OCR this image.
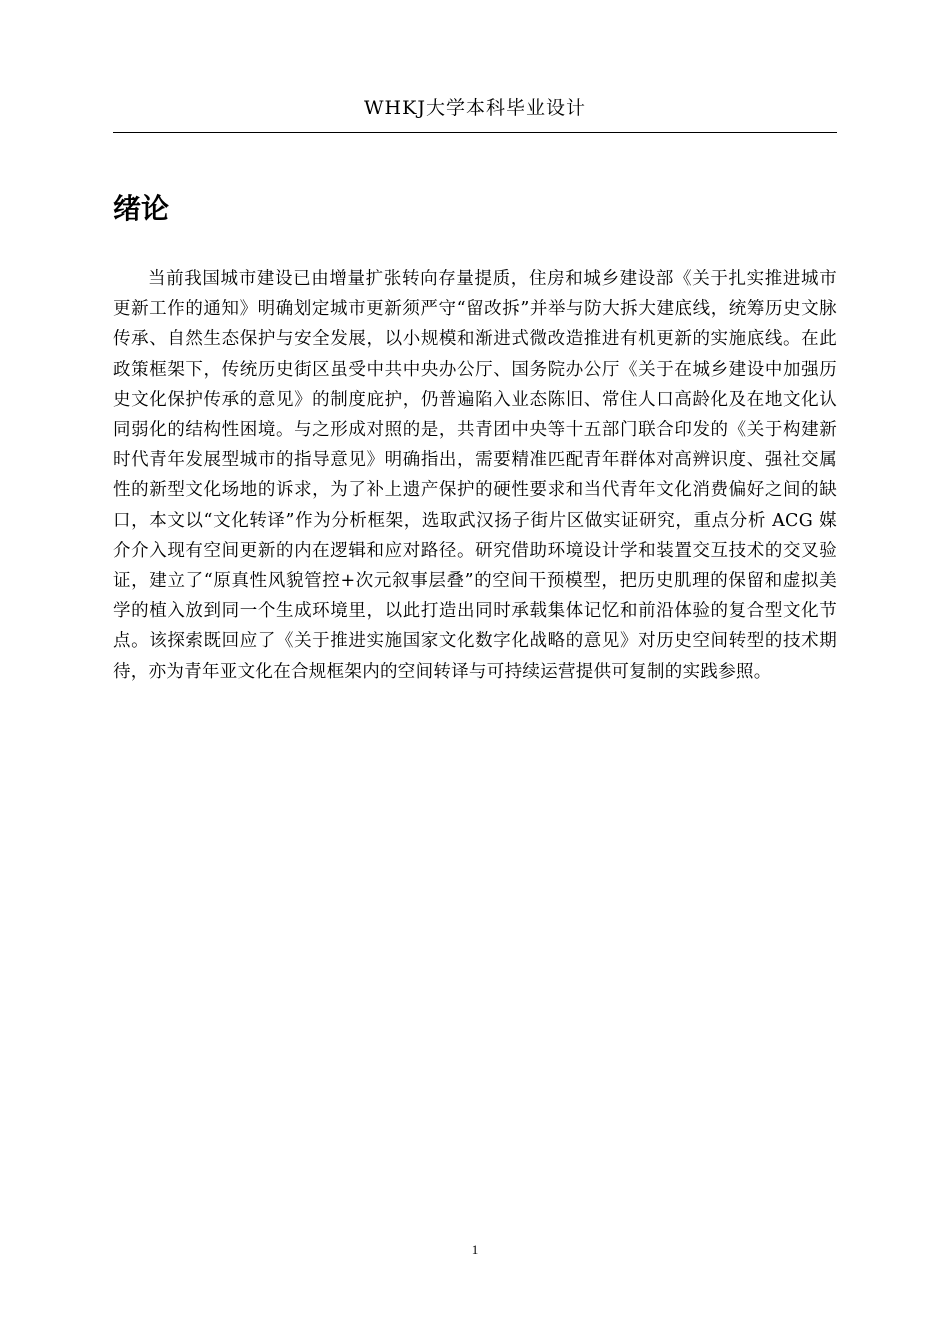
WHKJ大学本科毕业设计
绪论

当前我国城市建设已由增量扩张转向存量提质，住房和城乡建设部《关于扎实推进城市更新工作的通知》明确划定城市更新须严守“留改拆”并举与防大拆大建底线，统筹历史文脉传承、自然生态保护与安全发展，以小规模和渐进式微改造推进有机更新的实施底线。在此政策框架下，传统历史街区虽受中共中央办公厅、国务院办公厅《关于在城乡建设中加强历史文化保护传承的意见》的制度庇护，仍普遍陷入业态陈旧、常住人口高龄化及在地文化认同弱化的结构性困境。与之形成对照的是，共青团中央等十五部门联合印发的《关于构建新时代青年发展型城市的指导意见》明确指出，需要精准匹配青年群体对高辨识度、强社交属性的新型文化场地的诉求，为了补上遗产保护的硬性要求和当代青年文化消费偏好之间的缺口，本文以“文化转译”作为分析框架，选取武汉扬子街片区做实证研究，重点分析 ACG 媒介介入现有空间更新的内在逻辑和应对路径。研究借助环境设计学和装置交互技术的交叉验证，建立了“原真性风貌管控+次元叙事层叠”的空间干预模型，把历史肌理的保留和虚拟美学的植入放到同一个生成环境里，以此打造出同时承载集体记忆和前沿体验的复合型文化节点。该探索既回应了《关于推进实施国家文化数字化战略的意见》对历史空间转型的技术期待，亦为青年亚文化在合规框架内的空间转译与可持续运营提供可复制的实践参照。

1
